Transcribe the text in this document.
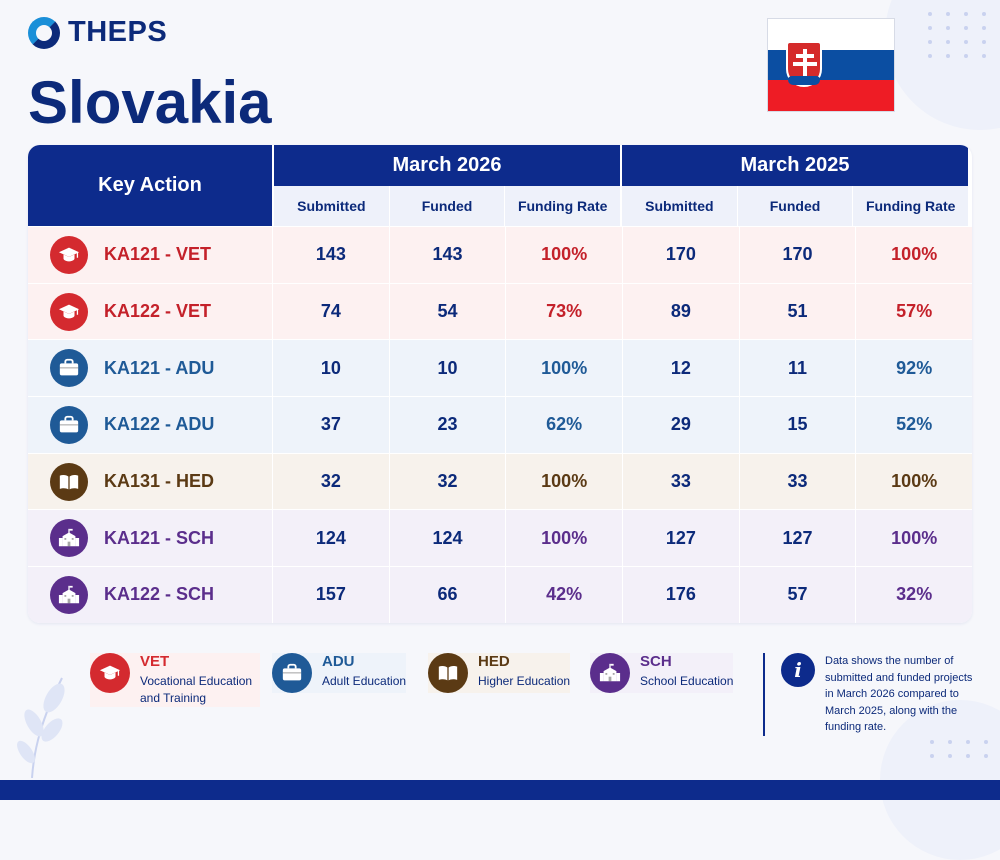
THEPS
Slovakia
Key Action
March 2026
Submitted	Funded	Funding Rate
March 2025
Submitted	Funded	Funding Rate
KA121 - VET	143	143	100%	170	170	100%
KA122 - VET	74	54	73%	89	51	57%
KA121 - ADU	10	10	100%	12	11	92%
KA122 - ADU	37	23	62%	29	15	52%
KA131 - HED	32	32	100%	33	33	100%
KA121 - SCH	124	124	100%	127	127	100%
KA122 - SCH	157	66	42%	176	57	32%
VET
Vocational Education and Training
ADU
Adult Education
HED
Higher Education
SCH
School Education	i	Data shows the number of submitted and funded projects in March 2026 compared to March 2025, along with the funding rate.
